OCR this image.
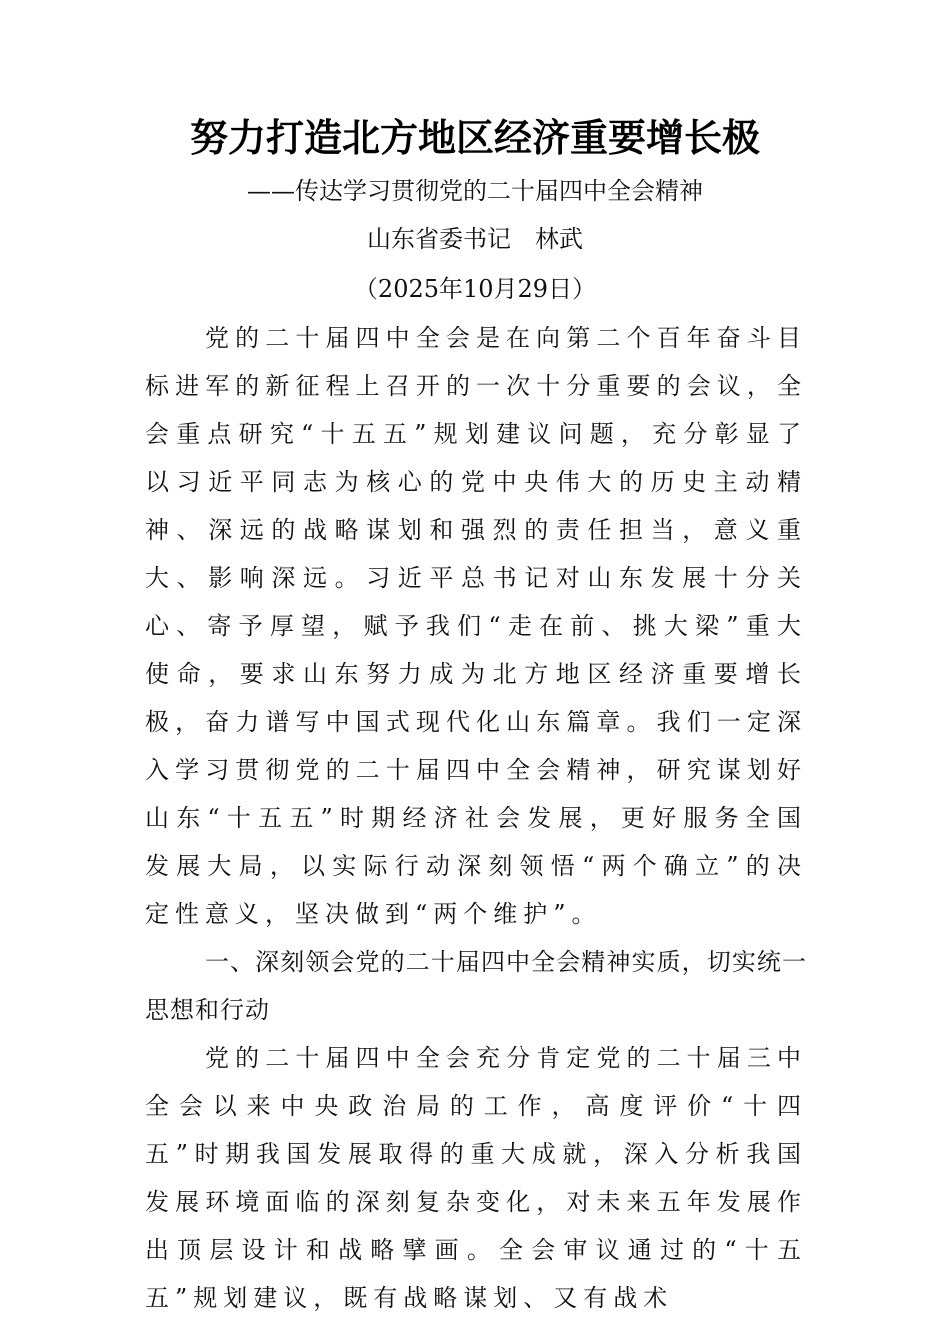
努力打造北方地区经济重要增长极
——传达学习贯彻党的二十届四中全会精神
山东省委书记　林武
（2025年10月29日）

党的二十届四中全会是在向第二个百年奋斗目标进军的新征程上召开的一次十分重要的会议，全会重点研究“十五五”规划建议问题，充分彰显了以习近平同志为核心的党中央伟大的历史主动精神、深远的战略谋划和强烈的责任担当，意义重大、影响深远。习近平总书记对山东发展十分关心、寄予厚望，赋予我们“走在前、挑大梁”重大使命，要求山东努力成为北方地区经济重要增长极，奋力谱写中国式现代化山东篇章。我们一定深入学习贯彻党的二十届四中全会精神，研究谋划好山东“十五五”时期经济社会发展，更好服务全国发展大局，以实际行动深刻领悟“两个确立”的决定性意义，坚决做到“两个维护”。

一、深刻领会党的二十届四中全会精神实质，切实统一思想和行动

党的二十届四中全会充分肯定党的二十届三中全会以来中央政治局的工作，高度评价“十四五”时期我国发展取得的重大成就，深入分析我国发展环境面临的深刻复杂变化，对未来五年发展作出顶层设计和战略擘画。全会审议通过的“十五五”规划建议，既有战略谋划、又有战术
